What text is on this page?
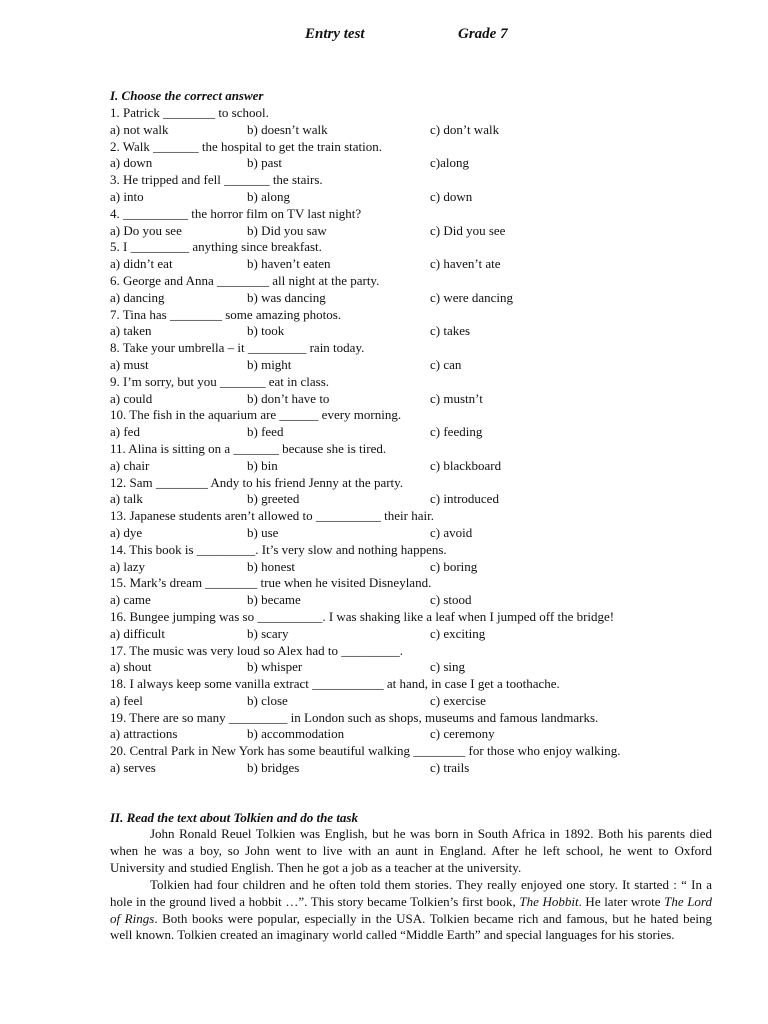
Entry test	Grade 7
I. Choose the correct answer
1. Patrick ________ to school.
a) not walk	b) doesn’t walk	c) don’t walk
2. Walk _______ the hospital to get the train station.
a) down	b) past	c)along
3. He tripped and fell _______ the stairs.
a) into	b) along	c) down
4. __________ the horror film on TV last night?
a) Do you see	b) Did you saw	c) Did you see
5. I _________ anything since breakfast.
a) didn’t eat	b) haven’t eaten	c) haven’t ate
6. George and Anna ________ all night at the party.
a) dancing	b) was dancing	c) were dancing
7. Tina has ________ some amazing photos.
a) taken	b) took	c) takes
8. Take your umbrella – it _________ rain today.
a) must	b) might	c) can
9. I’m sorry, but you _______ eat in class.
a) could	b) don’t have to	c) mustn’t
10. The fish in the aquarium are ______ every morning.
a) fed	b) feed	c) feeding
11. Alina is sitting on a _______ because she is tired.
a) chair	b) bin	c) blackboard
12. Sam ________ Andy to his friend Jenny at the party.
a) talk	b) greeted	c) introduced
13. Japanese students aren’t allowed to __________ their hair.
a) dye	b) use	c) avoid
14. This book is _________. It’s very slow and nothing happens.
a) lazy	b) honest	c) boring
15. Mark’s dream ________ true when he visited Disneyland.
a) came	b) became	c) stood
16. Bungee jumping was so __________. I was shaking like a leaf when I jumped off the bridge!
a) difficult	b) scary	c) exciting
17. The music was very loud so Alex had to _________.
a) shout	b) whisper	c) sing
18. I always keep some vanilla extract ___________ at hand, in case I get a toothache.
a) feel	b) close	c) exercise
19. There are so many _________ in London such as shops, museums and famous landmarks.
a) attractions	b) accommodation	c) ceremony
20. Central Park in New York has some beautiful walking ________ for those who enjoy walking.
a) serves	b) bridges	c) trails
II. Read the text about Tolkien and do the task

John Ronald Reuel Tolkien was English, but he was born in South Africa in 1892. Both his parents died when he was a boy, so John went to live with an aunt in England. After he left school, he went to Oxford University and studied English. Then he got a job as a teacher at the university.

Tolkien had four children and he often told them stories. They really enjoyed one story. It started : “ In a hole in the ground lived a hobbit …”. This story became Tolkien’s first book, The Hobbit. He later wrote The Lord of Rings. Both books were popular, especially in the USA. Tolkien became rich and famous, but he hated being well known. Tolkien created an imaginary world called “Middle Earth” and special languages for his stories.
